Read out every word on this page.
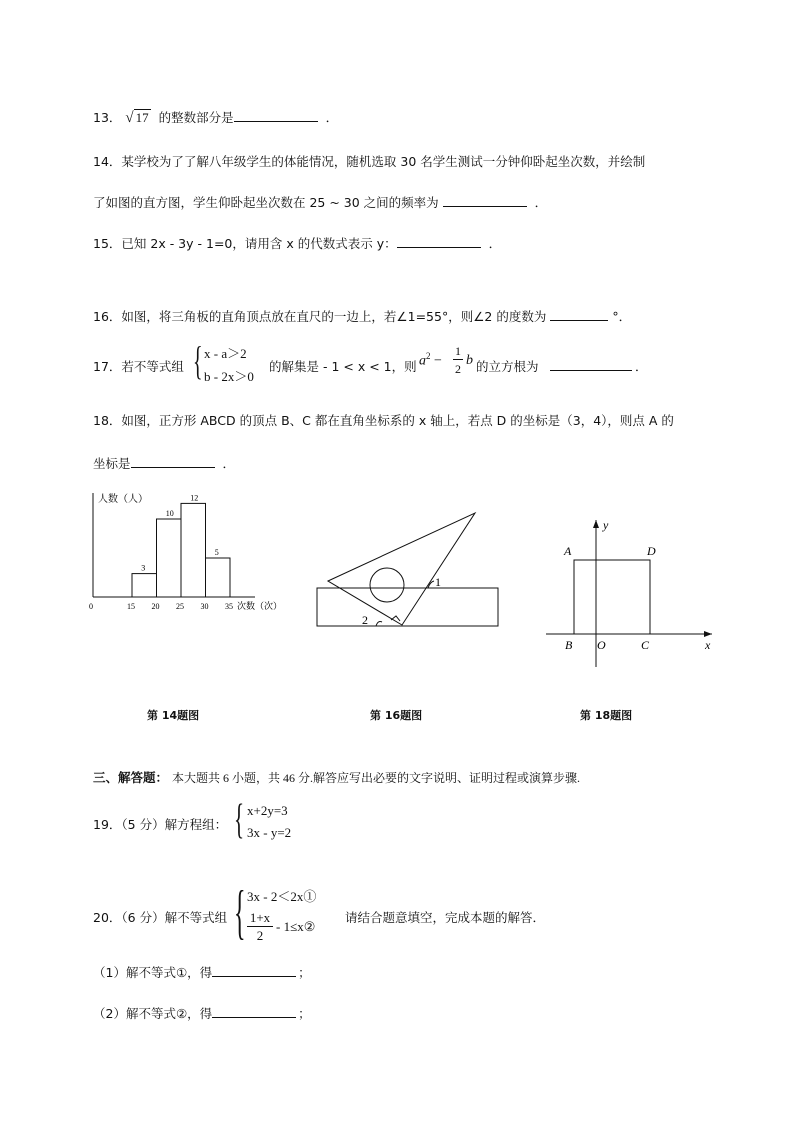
13． √ 17 的整数部分是	．
14．某学校为了了解八年级学生的体能情况，随机选取 30 名学生测试一分钟仰卧起坐次数，并绘制
了如图的直方图，学生仰卧起坐次数在 25 ~ 30 之间的频率为	．
15．已知 2x - 3y - 1=0，请用含 x 的代数式表示 y：	．
16．如图，将三角板的直角顶点放在直尺的一边上，若∠1=55°，则∠2 的度数为	°．
17．若不等式组 { x - a＞2
b - 2x＞0
的解集是 - 1 < x < 1，则 $a^2 - \frac{1}{2}$ b 的立方根为	．
18．如图，正方形 ABCD 的顶点 B、C 都在直角坐标系的 x 轴上，若点 D 的坐标是（3，4），则点 A 的
坐标是	．
人数（人）
次数（次）
0
3
10
12
5
15 20 25 30 35
1
2
y
x
A	D
B O	C
第 14题图	第 16题图	第 18题图
三、解答题： 本大题共 6 小题，共 46 分.解答应写出必要的文字说明、证明过程或演算步骤.
19．（5 分）解方程组： { x+2y=3
3x - y=2
20．（6 分）解不等式组 { 3x - 2＜2x①
$\frac{1+x}{2}$ - 1≤x②
请结合题意填空，完成本题的解答．
（1）解不等式①，得	；
（2）解不等式②，得	；
